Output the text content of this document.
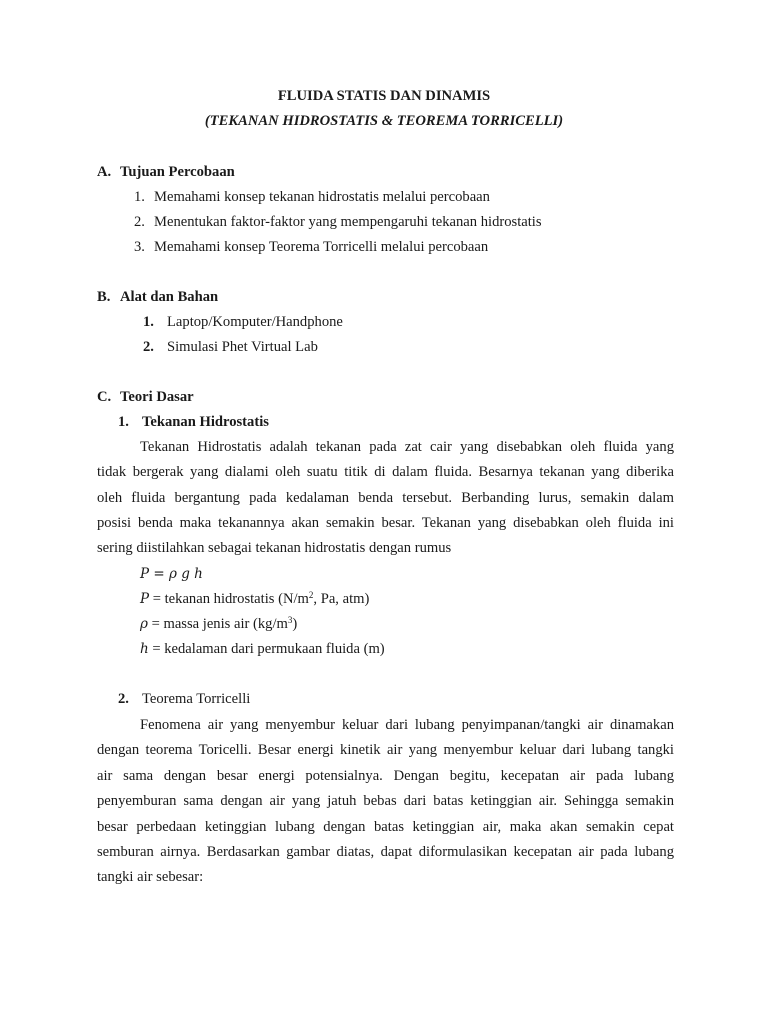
FLUIDA STATIS DAN DINAMIS
(TEKANAN HIDROSTATIS & TEOREMA TORRICELLI)
A. Tujuan Percobaan
1. Memahami konsep tekanan hidrostatis melalui percobaan
2. Menentukan faktor-faktor yang mempengaruhi tekanan hidrostatis
3. Memahami konsep Teorema Torricelli melalui percobaan
B. Alat dan Bahan
1. Laptop/Komputer/Handphone
2. Simulasi Phet Virtual Lab
C. Teori Dasar
1. Tekanan Hidrostatis
Tekanan Hidrostatis adalah tekanan pada zat cair yang disebabkan oleh fluida yang
tidak bergerak yang dialami oleh suatu titik di dalam fluida. Besarnya tekanan yang diberika
oleh fluida bergantung pada kedalaman benda tersebut. Berbanding lurus, semakin dalam
posisi benda maka tekanannya akan semakin besar. Tekanan yang disebabkan oleh fluida ini
sering diistilahkan sebagai tekanan hidrostatis dengan rumus
P = ρ g h
P = tekanan hidrostatis ($N/m^2$, Pa, atm)
ρ = massa jenis air $(kg/m^3)$
h = kedalaman dari permukaan fluida (m)
2. Teorema Torricelli
Fenomena air yang menyembur keluar dari lubang penyimpanan/tangki air dinamakan
dengan teorema Toricelli. Besar energi kinetik air yang menyembur keluar dari lubang tangki
air sama dengan besar energi potensialnya. Dengan begitu, kecepatan air pada lubang
penyemburan sama dengan air yang jatuh bebas dari batas ketinggian air. Sehingga semakin
besar perbedaan ketinggian lubang dengan batas ketinggian air, maka akan semakin cepat
semburan airnya. Berdasarkan gambar diatas, dapat diformulasikan kecepatan air pada lubang
tangki air sebesar:
